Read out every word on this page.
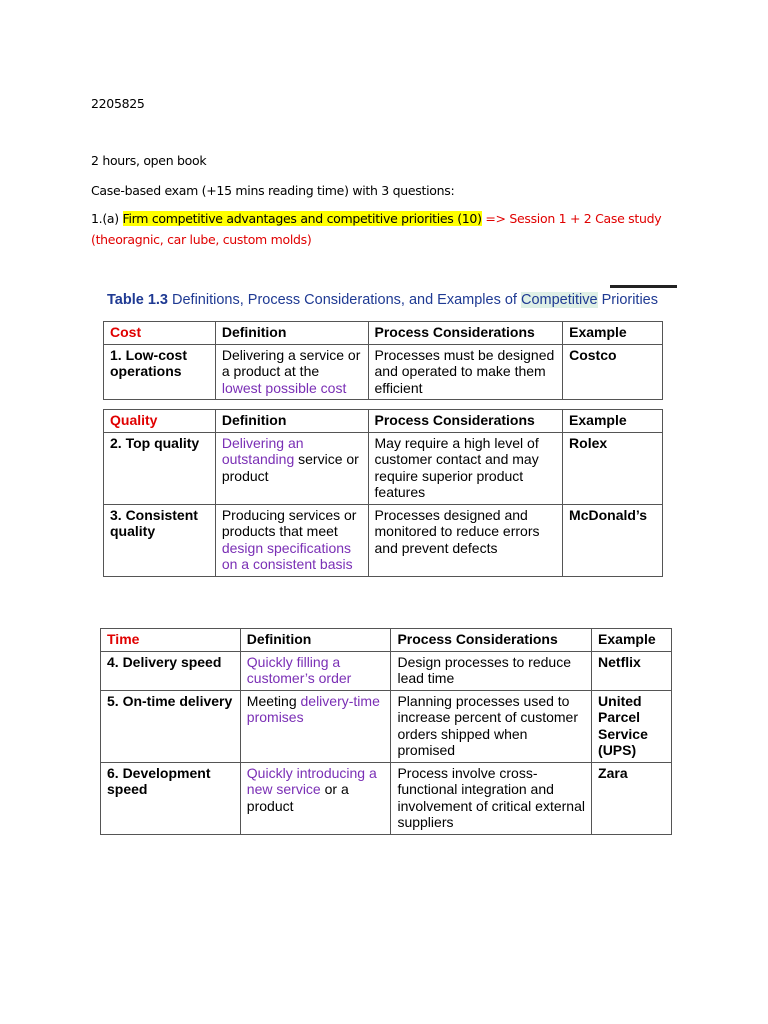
2205825
2 hours, open book
Case-based exam (+15 mins reading time) with 3 questions:
1.(a) Firm competitive advantages and competitive priorities (10) => Session 1 + 2 Case study
(theoragnic, car lube, custom molds)
Table 1.3 Definitions, Process Considerations, and Examples of Competitive Priorities
Cost	Definition	Process Considerations	Example
1. Low-cost operations	Delivering a service or a product at the lowest possible cost	Processes must be designed and operated to make them efficient	Costco
Quality	Definition	Process Considerations	Example
2. Top quality	Delivering an outstanding service or product	May require a high level of customer contact and may require superior product features	Rolex
3. Consistent quality	Producing services or products that meet design specifications on a consistent basis	Processes designed and monitored to reduce errors and prevent defects	McDonald’s
Time	Definition	Process Considerations	Example
4. Delivery speed	Quickly filling a customer’s order	Design processes to reduce lead time	Netflix
5. On-time delivery	Meeting delivery-time promises	Planning processes used to increase percent of customer orders shipped when promised	United Parcel Service (UPS)
6. Development speed	Quickly introducing a new service or a product	Process involve cross-functional integration and involvement of critical external suppliers	Zara
